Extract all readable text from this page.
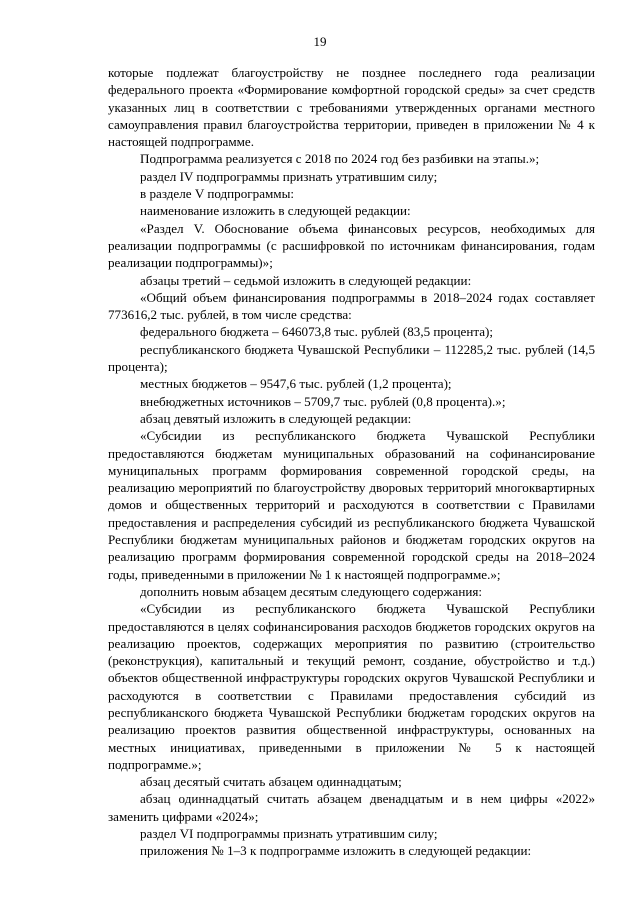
19

которые подлежат благоустройству не позднее последнего года реализации федерального проекта «Формирование комфортной городской среды» за счет средств указанных лиц в соответствии с требованиями утвержденных органами местного самоуправления правил благоустройства территории, приведен в приложении № 4 к настоящей подпрограмме.

Подпрограмма реализуется с 2018 по 2024 год без разбивки на этапы.»;

раздел IV подпрограммы признать утратившим силу;

в разделе V подпрограммы:

наименование изложить в следующей редакции:

«Раздел V. Обоснование объема финансовых ресурсов, необходимых для реализации подпрограммы (с расшифровкой по источникам финансирования, годам реализации подпрограммы)»;

абзацы третий – седьмой изложить в следующей редакции:

«Общий объем финансирования подпрограммы в 2018–2024 годах составляет 773616,2 тыс. рублей, в том числе средства:

федерального бюджета – 646073,8 тыс. рублей (83,5 процента);

республиканского бюджета Чувашской Республики – 112285,2 тыс. рублей (14,5 процента);

местных бюджетов – 9547,6 тыс. рублей (1,2 процента);

внебюджетных источников – 5709,7 тыс. рублей (0,8 процента).»;

абзац девятый изложить в следующей редакции:

«Субсидии из республиканского бюджета Чувашской Республики предоставляются бюджетам муниципальных образований на софинансирование муниципальных программ формирования современной городской среды, на реализацию мероприятий по благоустройству дворовых территорий многоквартирных домов и общественных территорий и расходуются в соответствии с Правилами предоставления и распределения субсидий из республиканского бюджета Чувашской Республики бюджетам муниципальных районов и бюджетам городских округов на реализацию программ формирования современной городской среды на 2018–2024 годы, приведенными в приложении № 1 к настоящей подпрограмме.»;

дополнить новым абзацем десятым следующего содержания:

«Субсидии из республиканского бюджета Чувашской Республики предоставляются в целях софинансирования расходов бюджетов городских округов на реализацию проектов, содержащих мероприятия по развитию (строительство (реконструкция), капитальный и текущий ремонт, создание, обустройство и т.д.) объектов общественной инфраструктуры городских округов Чувашской Республики и расходуются в соответствии с Правилами предоставления субсидий из республиканского бюджета Чувашской Республики бюджетам городских округов на реализацию проектов развития общественной инфраструктуры, основанных на местных инициативах, приведенными в приложении № 5 к настоящей подпрограмме.»;

абзац десятый считать абзацем одиннадцатым;

абзац одиннадцатый считать абзацем двенадцатым и в нем цифры «2022» заменить цифрами «2024»;

раздел VI подпрограммы признать утратившим силу;

приложения № 1–3 к подпрограмме изложить в следующей редакции:
